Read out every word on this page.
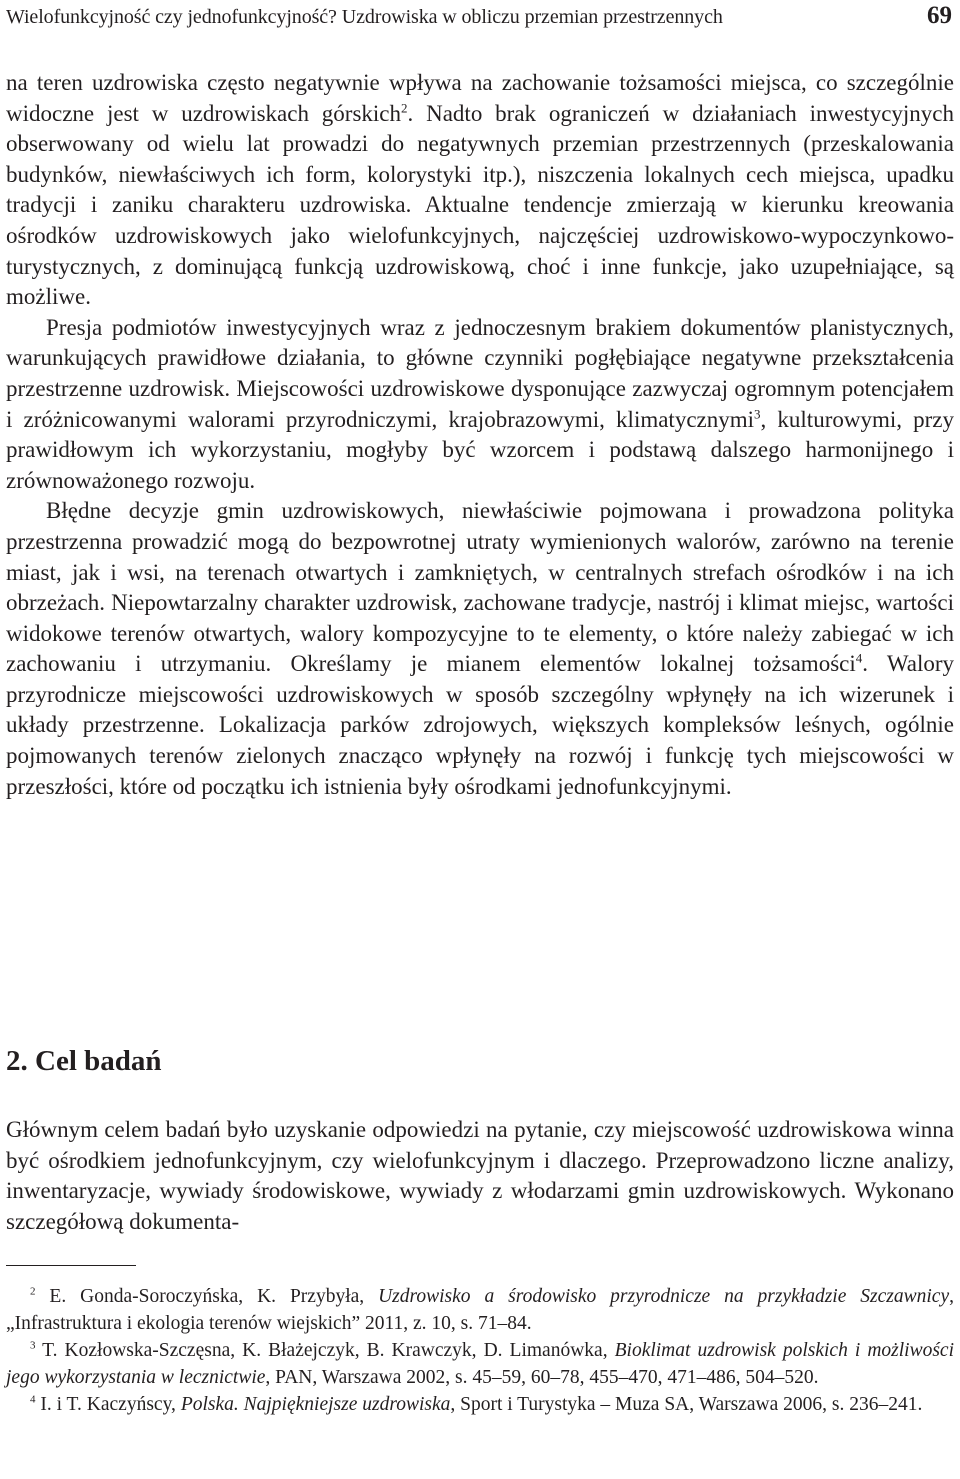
Wielofunkcyjność czy jednofunkcyjność? Uzdrowiska w obliczu przemian przestrzennych	69

na teren uzdrowiska często negatywnie wpływa na zachowanie tożsamości miejsca, co szczególnie widoczne jest w uzdrowiskach górskich$^2$. Nadto brak ograniczeń w działaniach inwestycyjnych obserwowany od wielu lat prowadzi do negatywnych przemian przestrzennych (przeskalowania budynków, niewłaściwych ich form, kolorystyki itp.), niszczenia lokalnych cech miejsca, upadku tradycji i zaniku charakteru uzdrowiska. Aktualne tendencje zmierzają w kierunku kreowania ośrodków uzdrowiskowych jako wielofunkcyjnych, najczęściej uzdrowiskowo-wypoczynkowo-turystycznych, z dominującą funkcją uzdrowiskową, choć i inne funkcje, jako uzupełniające, są możliwe.

Presja podmiotów inwestycyjnych wraz z jednoczesnym brakiem dokumentów planistycznych, warunkujących prawidłowe działania, to główne czynniki pogłębiające negatywne przekształcenia przestrzenne uzdrowisk. Miejscowości uzdrowiskowe dysponujące zazwyczaj ogromnym potencjałem i zróżnicowanymi walorami przyrodniczymi, krajobrazowymi, klimatycznymi$^3$, kulturowymi, przy prawidłowym ich wykorzystaniu, mogłyby być wzorcem i podstawą dalszego harmonijnego i zrównoważonego rozwoju.

Błędne decyzje gmin uzdrowiskowych, niewłaściwie pojmowana i prowadzona polityka przestrzenna prowadzić mogą do bezpowrotnej utraty wymienionych walorów, zarówno na terenie miast, jak i wsi, na terenach otwartych i zamkniętych, w centralnych strefach ośrodków i na ich obrzeżach. Niepowtarzalny charakter uzdrowisk, zachowane tradycje, nastrój i klimat miejsc, wartości widokowe terenów otwartych, walory kompozycyjne to te elementy, o które należy zabiegać w ich zachowaniu i utrzymaniu. Określamy je mianem elementów lokalnej tożsamości$^4$. Walory przyrodnicze miejscowości uzdrowiskowych w sposób szczególny wpłynęły na ich wizerunek i układy przestrzenne. Lokalizacja parków zdrojowych, większych kompleksów leśnych, ogólnie pojmowanych terenów zielonych znacząco wpłynęły na rozwój i funkcję tych miejscowości w przeszłości, które od początku ich istnienia były ośrodkami jednofunkcyjnymi.

2. Cel badań

Głównym celem badań było uzyskanie odpowiedzi na pytanie, czy miejscowość uzdrowiskowa winna być ośrodkiem jednofunkcyjnym, czy wielofunkcyjnym i dlaczego. Przeprowadzono liczne analizy, inwentaryzacje, wywiady środowiskowe, wywiady z włodarzami gmin uzdrowiskowych. Wykonano szczegółową dokumenta-

$^2$ E. Gonda-Soroczyńska, K. Przybyła, Uzdrowisko a środowisko przyrodnicze na przykładzie Szczawnicy, „Infrastruktura i ekologia terenów wiejskich” 2011, z. 10, s. 71–84.

$^3$ T. Kozłowska-Szczęsna, K. Błażejczyk, B. Krawczyk, D. Limanówka, Bioklimat uzdrowisk polskich i możliwości jego wykorzystania w lecznictwie, PAN, Warszawa 2002, s. 45–59, 60–78, 455–470, 471–486, 504–520.

$^4$ I. i T. Kaczyńscy, Polska. Najpiękniejsze uzdrowiska, Sport i Turystyka – Muza SA, Warszawa 2006, s. 236–241.
